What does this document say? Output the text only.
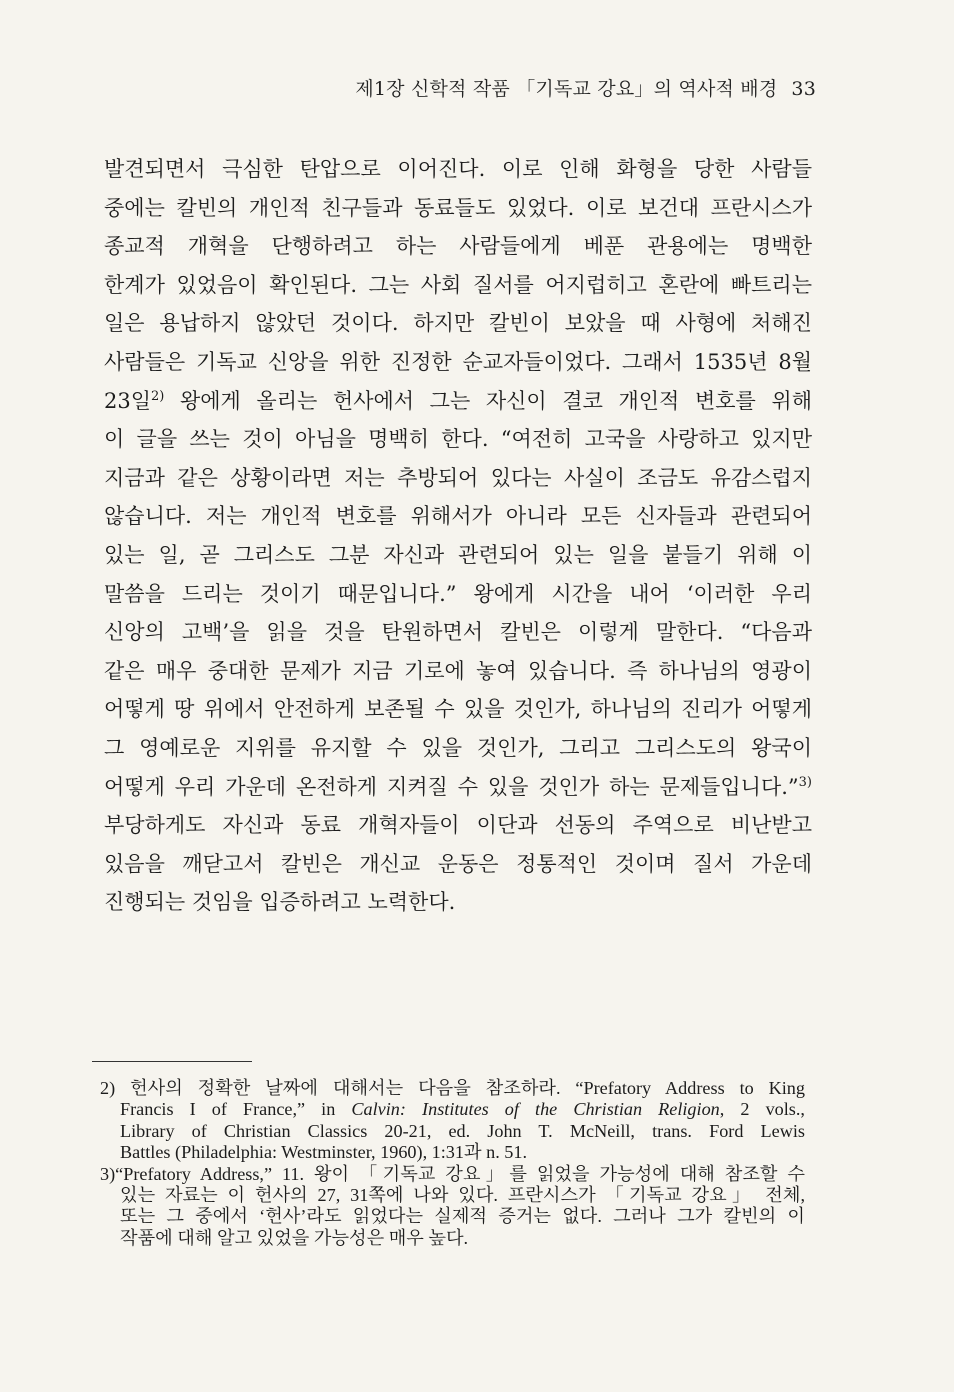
제1장 신학적 작품 「기독교 강요」의 역사적 배경 33
발견되면서 극심한 탄압으로 이어진다. 이로 인해 화형을 당한 사람들
중에는 칼빈의 개인적 친구들과 동료들도 있었다. 이로 보건대 프란시스가
종교적 개혁을 단행하려고 하는 사람들에게 베푼 관용에는 명백한
한계가 있었음이 확인된다. 그는 사회 질서를 어지럽히고 혼란에 빠트리는
일은 용납하지 않았던 것이다. 하지만 칼빈이 보았을 때 사형에 처해진
사람들은 기독교 신앙을 위한 진정한 순교자들이었다. 그래서 1535년 8월
23일$^{2)}$ 왕에게 올리는 헌사에서 그는 자신이 결코 개인적 변호를 위해
이 글을 쓰는 것이 아님을 명백히 한다. “여전히 고국을 사랑하고 있지만
지금과 같은 상황이라면 저는 추방되어 있다는 사실이 조금도 유감스럽지
않습니다. 저는 개인적 변호를 위해서가 아니라 모든 신자들과 관련되어
있는 일, 곧 그리스도 그분 자신과 관련되어 있는 일을 붙들기 위해 이
말씀을 드리는 것이기 때문입니다.” 왕에게 시간을 내어 ‘이러한 우리
신앙의 고백’을 읽을 것을 탄원하면서 칼빈은 이렇게 말한다. “다음과
같은 매우 중대한 문제가 지금 기로에 놓여 있습니다. 즉 하나님의 영광이
어떻게 땅 위에서 안전하게 보존될 수 있을 것인가, 하나님의 진리가 어떻게
그 영예로운 지위를 유지할 수 있을 것인가, 그리고 그리스도의 왕국이
어떻게 우리 가운데 온전하게 지켜질 수 있을 것인가 하는 문제들입니다.”$^{3)}$
부당하게도 자신과 동료 개혁자들이 이단과 선동의 주역으로 비난받고
있음을 깨닫고서 칼빈은 개신교 운동은 정통적인 것이며 질서 가운데
진행되는 것임을 입증하려고 노력한다.
2) 헌사의 정확한 날짜에 대해서는 다음을 참조하라. “Prefatory Address to King
Francis I of France,” in Calvin: Institutes of the Christian Religion, 2 vols.,
Library of Christian Classics 20-21, ed. John T. McNeill, trans. Ford Lewis
Battles (Philadelphia: Westminster, 1960), 1:31과 n. 51.
3)“Prefatory Address,” 11. 왕이 「기독교 강요」를 읽었을 가능성에 대해 참조할 수
있는 자료는 이 헌사의 27, 31쪽에 나와 있다. 프란시스가 「기독교 강요」 전체,
또는 그 중에서 ‘헌사’라도 읽었다는 실제적 증거는 없다. 그러나 그가 칼빈의 이
작품에 대해 알고 있었을 가능성은 매우 높다.
